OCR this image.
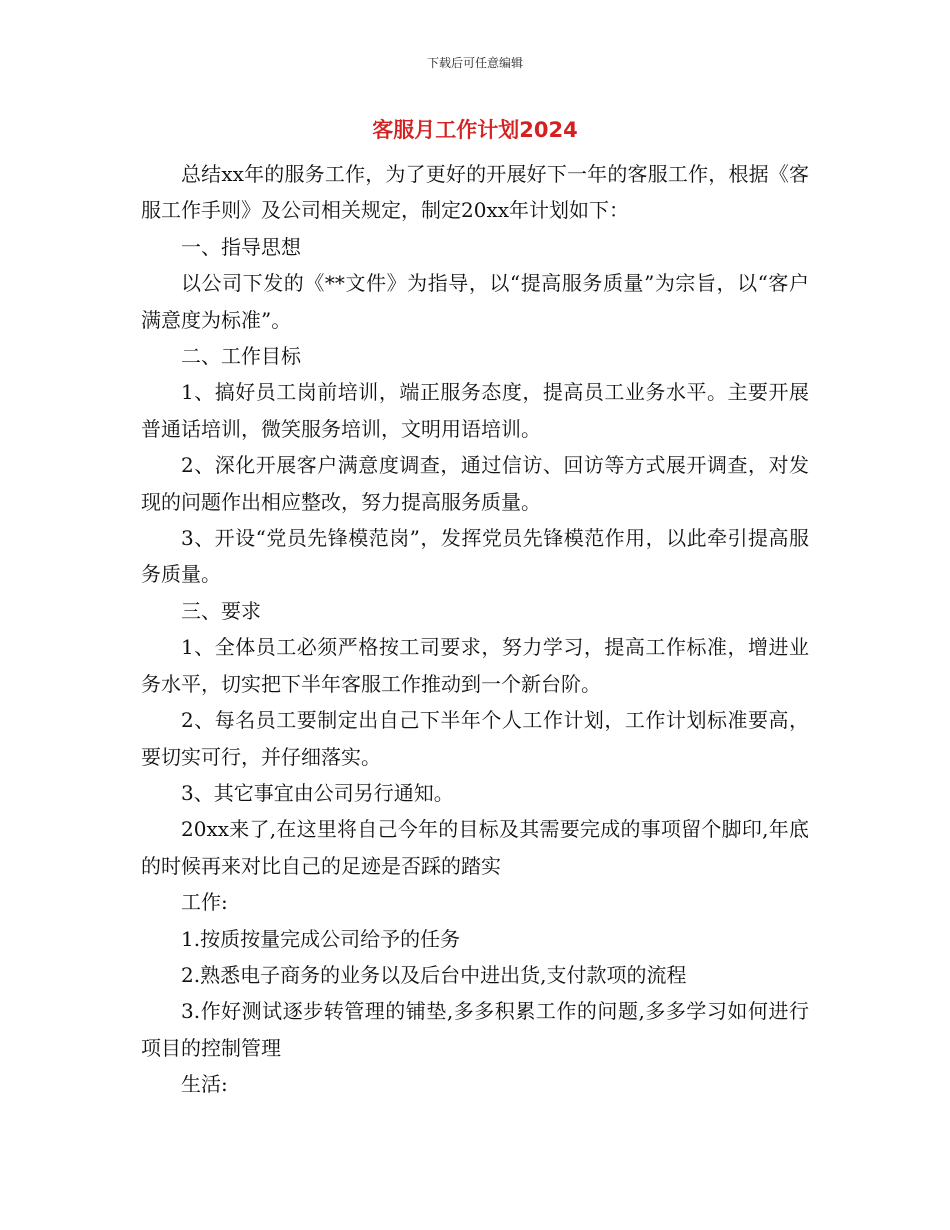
下载后可任意编辑
客服月工作计划2024

总结xx年的服务工作，为了更好的开展好下一年的客服工作，根据《客服工作手则》及公司相关规定，制定20xx年计划如下：

一、指导思想

以公司下发的《**文件》为指导，以“提高服务质量”为宗旨，以“客户满意度为标准”。

二、工作目标

1、搞好员工岗前培训，端正服务态度，提高员工业务水平。主要开展普通话培训，微笑服务培训，文明用语培训。

2、深化开展客户满意度调查，通过信访、回访等方式展开调查，对发现的问题作出相应整改，努力提高服务质量。

3、开设“党员先锋模范岗”，发挥党员先锋模范作用，以此牵引提高服务质量。

三、要求

1、全体员工必须严格按工司要求，努力学习，提高工作标准，增进业务水平，切实把下半年客服工作推动到一个新台阶。

2、每名员工要制定出自己下半年个人工作计划，工作计划标准要高，要切实可行，并仔细落实。

3、其它事宜由公司另行通知。

20xx来了,在这里将自己今年的目标及其需要完成的事项留个脚印,年底的时候再来对比自己的足迹是否踩的踏实

工作:

1.按质按量完成公司给予的任务

2.熟悉电子商务的业务以及后台中进出货,支付款项的流程

3.作好测试逐步转管理的铺垫,多多积累工作的问题,多多学习如何进行项目的控制管理

生活:
